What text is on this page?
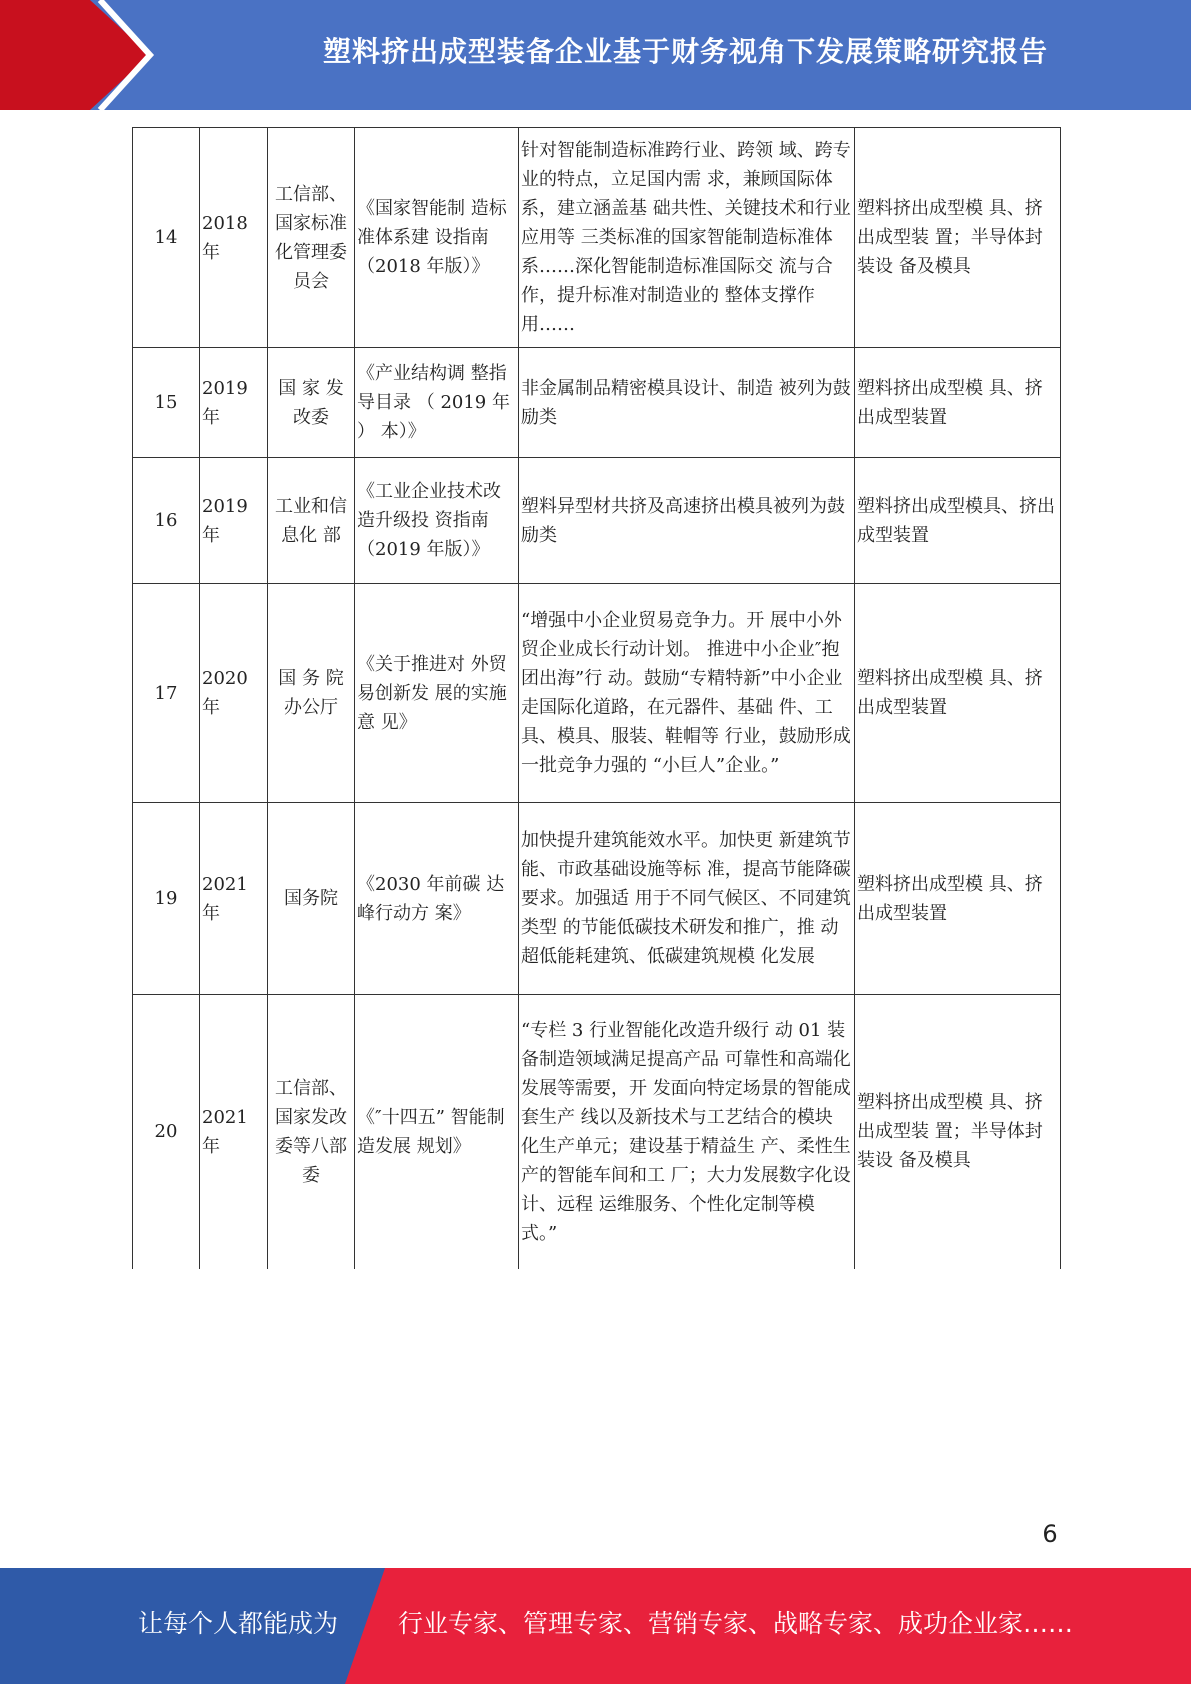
塑料挤出成型装备企业基于财务视角下发展策略研究报告
14	2018年	工信部、国家标准化管理委员会	《国家智能制 造标准体系建 设指南（2018 年版）》	针对智能制造标准跨行业、跨领 域、跨专业的特点，立足国内需 求，兼顾国际体系，建立涵盖基 础共性、关键技术和行业应用等 三类标准的国家智能制造标准体 系……深化智能制造标准国际交 流与合作，提升标准对制造业的 整体支撑作用……	塑料挤出成型模 具、挤出成型装 置；半导体封装设 备及模具
15	2019年	国 家 发改委	《产业结构调 整指导目录 （ 2019 年 ） 本）》	非金属制品精密模具设计、制造 被列为鼓励类	塑料挤出成型模 具、挤出成型装置
16	2019年	工业和信息化 部	《工业企业技术改造升级投 资指南（2019 年版）》	塑料异型材共挤及高速挤出模具被列为鼓励类	塑料挤出成型模具、挤出成型装置
17	2020年	国 务 院办公厅	《关于推进对 外贸易创新发 展的实施意 见》	“增强中小企业贸易竞争力。开 展中小外贸企业成长行动计划。 推进中小企业″抱团出海”行 动。鼓励“专精特新”中小企业 走国际化道路，在元器件、基础 件、工具、模具、服装、鞋帽等 行业，鼓励形成一批竞争力强的 “小巨人”企业。”	塑料挤出成型模 具、挤出成型装置
19	2021年	国务院	《2030 年前碳 达峰行动方 案》	加快提升建筑能效水平。加快更 新建筑节能、市政基础设施等标 准，提高节能降碳要求。加强适 用于不同气候区、不同建筑类型 的节能低碳技术研发和推广，推 动超低能耗建筑、低碳建筑规模 化发展	塑料挤出成型模 具、挤出成型装置
20	2021年	工信部、国家发改委等八部委	《″十四五” 智能制造发展 规划》	“专栏 3 行业智能化改造升级行 动 01 装备制造领域满足提高产品 可靠性和高端化发展等需要，开 发面向特定场景的智能成套生产 线以及新技术与工艺结合的模块 化生产单元；建设基于精益生 产、柔性生产的智能车间和工 厂；大力发展数字化设计、远程 运维服务、个性化定制等模 式。”	塑料挤出成型模 具、挤出成型装 置；半导体封装设 备及模具
6
让每个人都能成为 行业专家、管理专家、营销专家、战略专家、成功企业家……
